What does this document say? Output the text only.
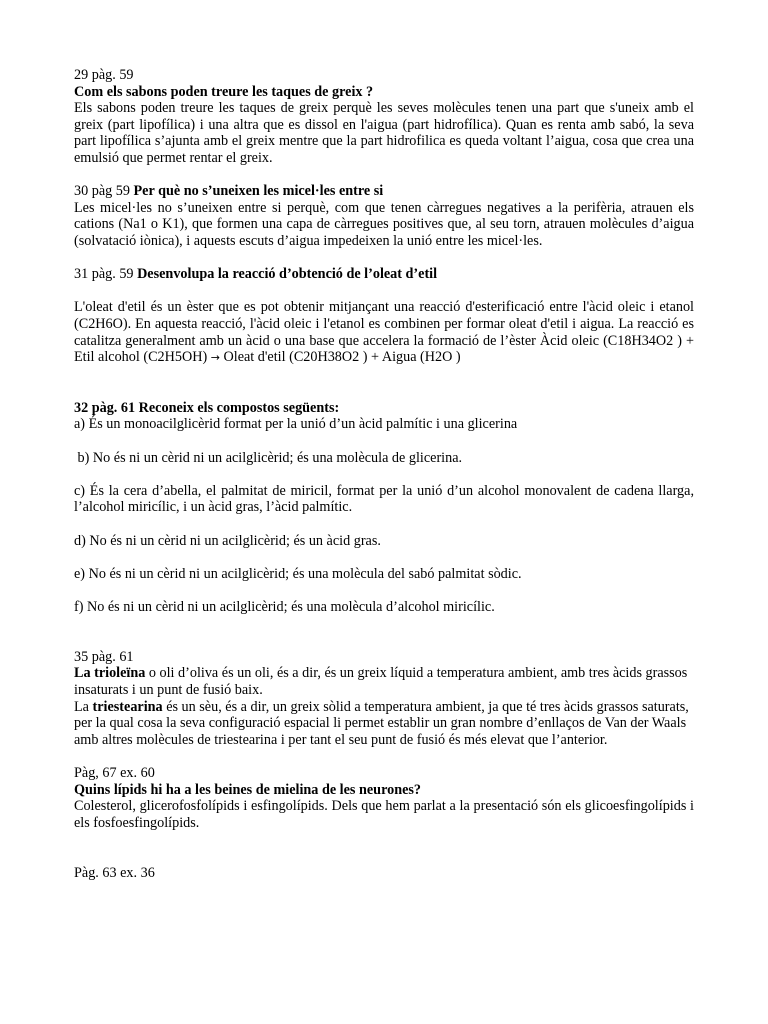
29 pàg. 59

Com els sabons poden treure les taques de greix ?

Els sabons poden treure les taques de greix perquè les seves molècules tenen una part que s'uneix amb el greix (part lipofílica) i una altra que es dissol en l'aigua (part hidrofílica). Quan es renta amb sabó, la seva part lipofílica s’ajunta amb el greix mentre que la part hidrofilica es queda voltant l’aigua, cosa que crea una emulsió que permet rentar el greix.

30 pàg 59 Per què no s’uneixen les micel·les entre si

Les micel·les no s’uneixen entre si perquè, com que tenen càrregues negatives a la perifèria, atrauen els cations (Na1 o K1), que formen una capa de càrregues positives que, al seu torn, atrauen molècules d’aigua (solvatació iònica), i aquests escuts d’aigua impedeixen la unió entre les micel·les.

31 pàg. 59 Desenvolupa la reacció d’obtenció de l’oleat d’etil

L'oleat d'etil és un èster que es pot obtenir mitjançant una reacció d'esterificació entre l'àcid oleic i etanol (C2H6O). En aquesta reacció, l'àcid oleic i l'etanol es combinen per formar oleat d'etil i aigua. La reacció es catalitza generalment amb un àcid o una base que accelera la formació de l’èster Àcid oleic (C18H34O2 ) + Etil alcohol (C2H5OH) → Oleat d'etil (C20H38O2 ) + Aigua (H2O )

32 pàg. 61 Reconeix els compostos següents:

a) És un monoacilglicèrid format per la unió d’un àcid palmític i una glicerina

b) No és ni un cèrid ni un acilglicèrid; és una molècula de glicerina.

c) És la cera d’abella, el palmitat de miricil, format per la unió d’un alcohol monovalent de cadena llarga, l’alcohol miricílic, i un àcid gras, l’àcid palmític.

d) No és ni un cèrid ni un acilglicèrid; és un àcid gras.

e) No és ni un cèrid ni un acilglicèrid; és una molècula del sabó palmitat sòdic.

f) No és ni un cèrid ni un acilglicèrid; és una molècula d’alcohol miricílic.

35 pàg. 61

La trioleïna o oli d’oliva és un oli, és a dir, és un greix líquid a temperatura ambient, amb tres àcids grassos insaturats i un punt de fusió baix.

La triestearina és un sèu, és a dir, un greix sòlid a temperatura ambient, ja que té tres àcids grassos saturats, per la qual cosa la seva configuració espacial li permet establir un gran nombre d’enllaços de Van der Waals amb altres molècules de triestearina i per tant el seu punt de fusió és més elevat que l’anterior.

Pàg, 67 ex. 60

Quins lípids hi ha a les beines de mielina de les neurones?

Colesterol, glicerofosfolípids i esfingolípids. Dels que hem parlat a la presentació són els glicoesfingolípids i els fosfoesfingolípids.

Pàg. 63 ex. 36
